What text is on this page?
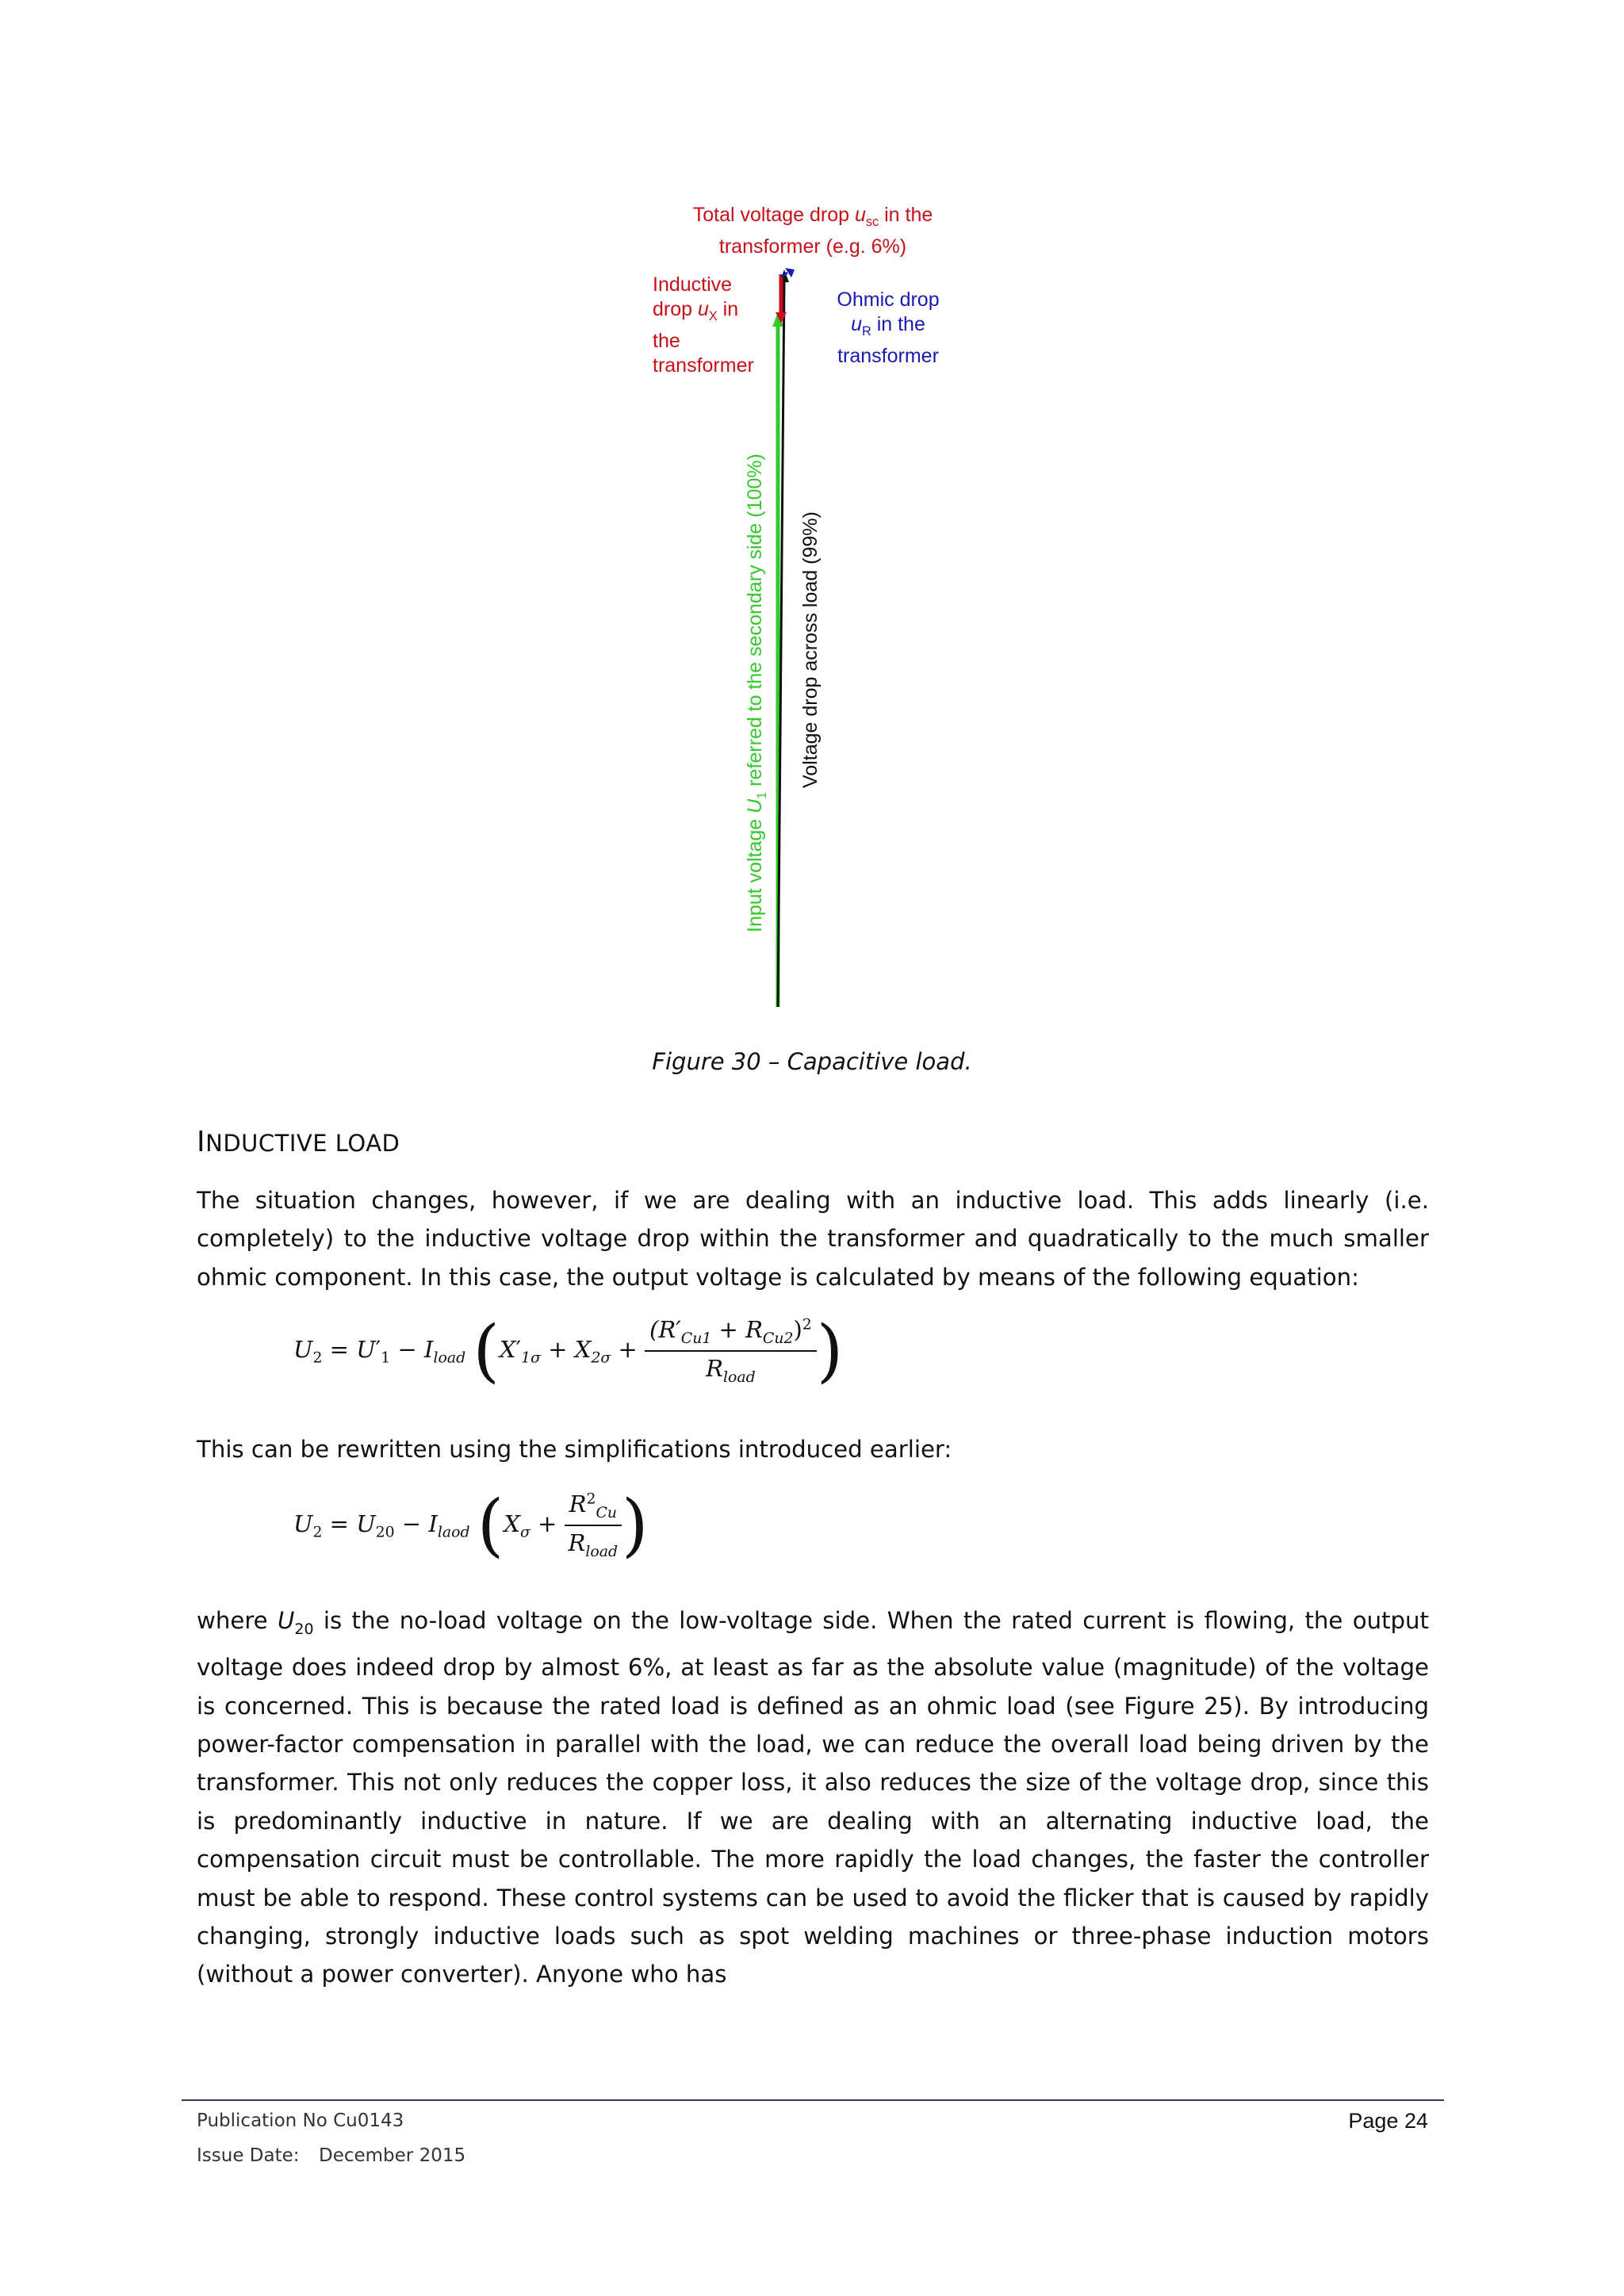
Total voltage drop $u_{sc}$ in the
transformer (e.g. 6%)
Inductive
drop $u_X$ in
the
transformer
Ohmic drop
$u_R$ in the
transformer
Input voltage $U_1$ referred to the secondary side (100%) Voltage drop across load (99%)
Figure 30 – Capacitive load.
INDUCTIVE LOAD
The situation changes, however, if we are dealing with an inductive load. This adds linearly (i.e. completely) to the inductive voltage drop within the transformer and quadratically to the much smaller ohmic component. In this case, the output voltage is calculated by means of the following equation:
$U_2 = U'_1 - I_{load}$ ($X'_{1\sigma} + X_{2\sigma} + \frac{(R'_{Cu1} + R_{Cu2})^2}{R_{load}}$ )
This can be rewritten using the simplifications introduced earlier:
$U_2 = U_{20} - I_{laod}$ ($X_\sigma + \frac{R^2_{Cu}}{R_{load}}$ )
where $U_{20}$ is the no-load voltage on the low-voltage side. When the rated current is flowing, the output voltage does indeed drop by almost 6%, at least as far as the absolute value (magnitude) of the voltage is concerned. This is because the rated load is defined as an ohmic load (see Figure 25). By introducing power-factor compensation in parallel with the load, we can reduce the overall load being driven by the transformer. This not only reduces the copper loss, it also reduces the size of the voltage drop, since this is predominantly inductive in nature. If we are dealing with an alternating inductive load, the compensation circuit must be controllable. The more rapidly the load changes, the faster the controller must be able to respond. These control systems can be used to avoid the flicker that is caused by rapidly changing, strongly inductive loads such as spot welding machines or three-phase induction motors (without a power converter). Anyone who has
Publication No Cu0143
Issue Date: December 2015
Page 24
